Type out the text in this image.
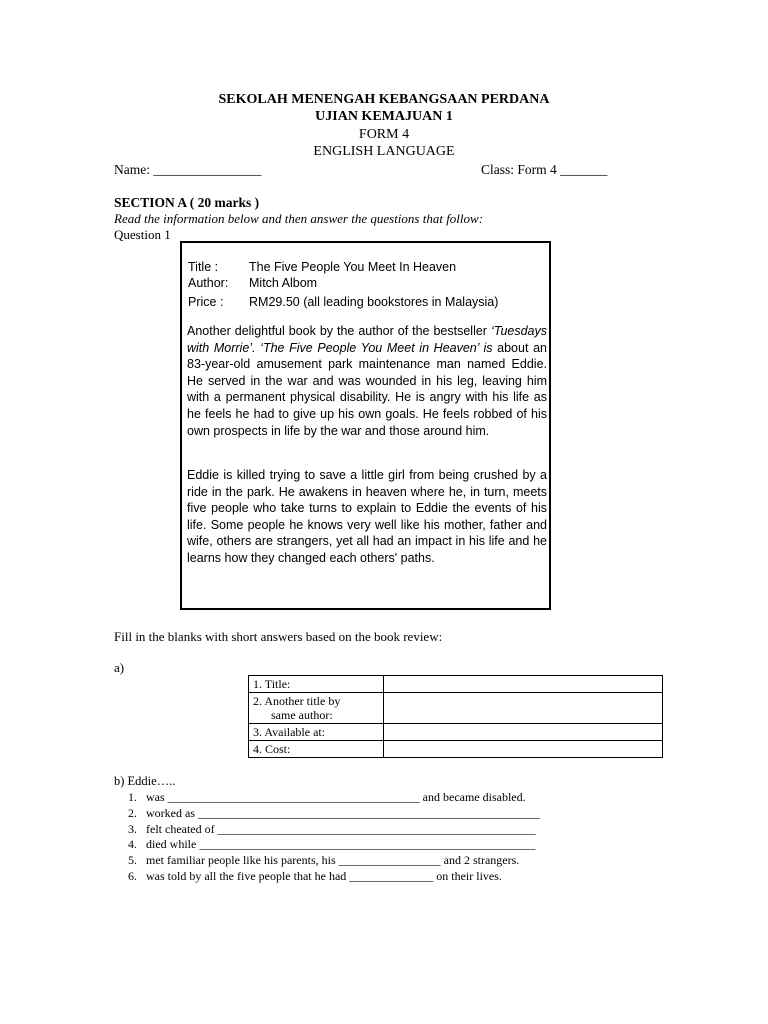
SEKOLAH MENENGAH KEBANGSAAN PERDANA
UJIAN KEMAJUAN 1
FORM 4
ENGLISH LANGUAGE
Name: ________________	Class: Form 4 _______
SECTION A ( 20 marks )
Read the information below and then answer the questions that follow:
Question 1
Title : The Five People You Meet In Heaven
Author: Mitch Albom
Price : RM29.50 (all leading bookstores in Malaysia)
Another delightful book by the author of the bestseller ‘Tuesdays with Morrie’. ‘The Five People You Meet in Heaven’ is about an 83-year-old amusement park maintenance man named Eddie. He served in the war and was wounded in his leg, leaving him with a permanent physical disability. He is angry with his life as he feels he had to give up his own goals. He feels robbed of his own prospects in life by the war and those around him.
Eddie is killed trying to save a little girl from being crushed by a ride in the park. He awakens in heaven where he, in turn, meets five people who take turns to explain to Eddie the events of his life. Some people he knows very well like his mother, father and wife, others are strangers, yet all had an impact in his life and he learns how they changed each others' paths.
Fill in the blanks with short answers based on the book review:
a)
1. Title:	

2. Another title by
same author:	

3. Available at:	
4. Cost:	
b) Eddie…..
1. was __________________________________________ and became disabled.
2. worked as _________________________________________________________
3. felt cheated of _____________________________________________________
4. died while ________________________________________________________
5. met familiar people like his parents, his _________________ and 2 strangers.
6. was told by all the five people that he had ______________ on their lives.
